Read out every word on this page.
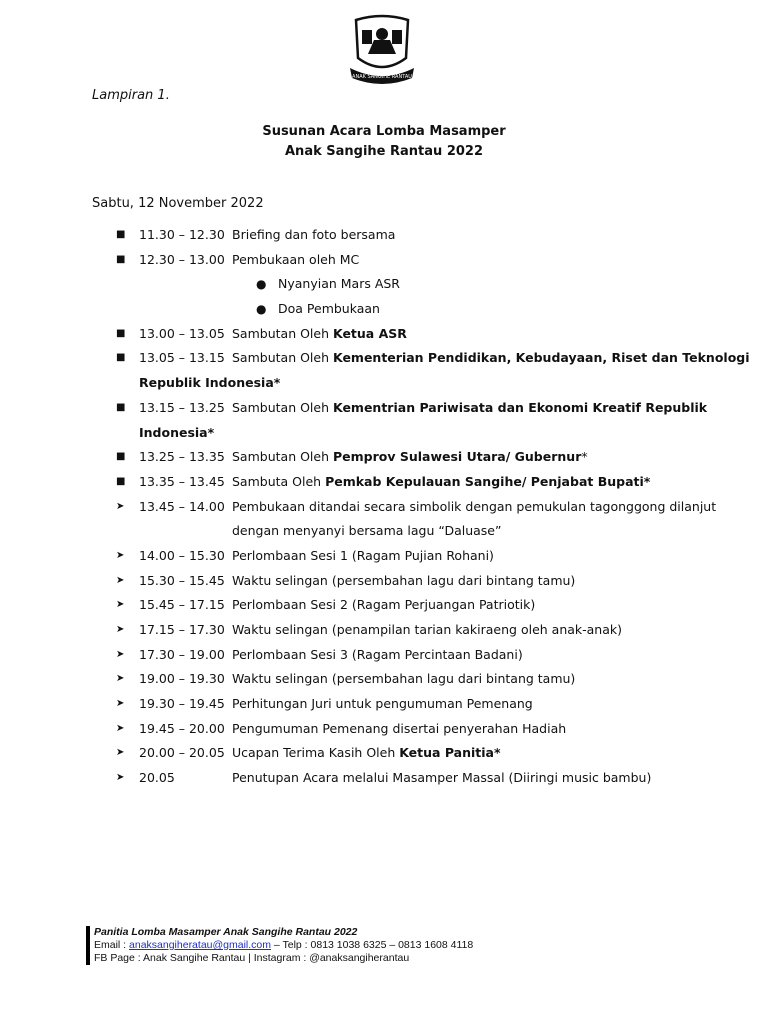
ANAK SANGIHE RANTAU
Lampiran 1.
Susunan Acara Lomba Masamper
Anak Sangihe Rantau 2022
Sabtu, 12 November 2022
■ 11.30 – 12.30 Briefing dan foto bersama
■ 12.30 – 13.00 Pembukaan oleh MC
● Nyanyian Mars ASR
● Doa Pembukaan
■ 13.00 – 13.05 Sambutan Oleh Ketua ASR
■ 13.05 – 13.15 Sambutan Oleh Kementerian Pendidikan, Kebudayaan, Riset dan Teknologi
Republik Indonesia*
■ 13.15 – 13.25 Sambutan Oleh Kementrian Pariwisata dan Ekonomi Kreatif Republik
Indonesia*
■ 13.25 – 13.35 Sambutan Oleh Pemprov Sulawesi Utara/ Gubernur*
■ 13.35 – 13.45 Sambuta Oleh Pemkab Kepulauan Sangihe/ Penjabat Bupati*
➤ 13.45 – 14.00 Pembukaan ditandai secara simbolik dengan pemukulan tagonggong dilanjut
dengan menyanyi bersama lagu “Daluase”
➤ 14.00 – 15.30 Perlombaan Sesi 1 (Ragam Pujian Rohani)
➤ 15.30 – 15.45 Waktu selingan (persembahan lagu dari bintang tamu)
➤ 15.45 – 17.15 Perlombaan Sesi 2 (Ragam Perjuangan Patriotik)
➤ 17.15 – 17.30 Waktu selingan (penampilan tarian kakiraeng oleh anak-anak)
➤ 17.30 – 19.00 Perlombaan Sesi 3 (Ragam Percintaan Badani)
➤ 19.00 – 19.30 Waktu selingan (persembahan lagu dari bintang tamu)
➤ 19.30 – 19.45 Perhitungan Juri untuk pengumuman Pemenang
➤ 19.45 – 20.00 Pengumuman Pemenang disertai penyerahan Hadiah
➤ 20.00 – 20.05 Ucapan Terima Kasih Oleh Ketua Panitia*
➤ 20.05	Penutupan Acara melalui Masamper Massal (Diiringi music bambu)
Panitia Lomba Masamper Anak Sangihe Rantau 2022
Email : anaksangiheratau@gmail.com – Telp : 0813 1038 6325 – 0813 1608 4118
FB Page : Anak Sangihe Rantau | Instagram : @anaksangiherantau
